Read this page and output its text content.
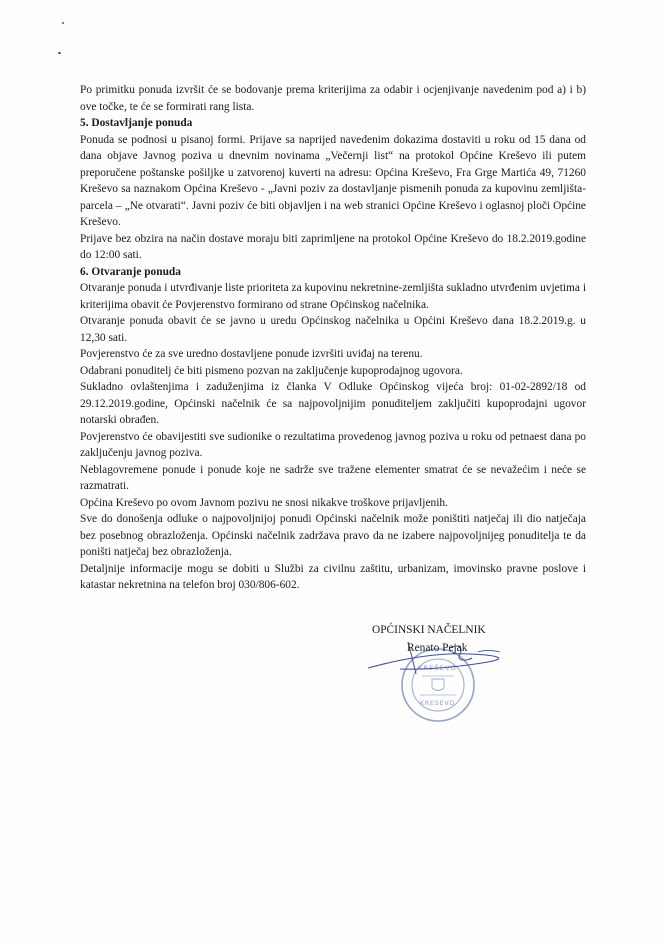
Po primitku ponuda izvršit će se bodovanje prema kriterijima za odabir i ocjenjivanje navedenim pod a) i b) ove točke, te će se formirati rang lista.

5. Dostavljanje ponuda

Ponuda se podnosi u pisanoj formi. Prijave sa naprijed navedenim dokazima dostaviti u roku od 15 dana od dana objave Javnog poziva u dnevnim novinama „Večernji list“ na protokol Općine Kreševo ili putem preporučene poštanske pošiljke u zatvorenoj kuverti na adresu: Općina Kreševo, Fra Grge Martića 49, 71260 Kreševo sa naznakom Općina Kreševo - „Javni poziv za dostavljanje pismenih ponuda za kupovinu zemljišta-parcela – „Ne otvarati“. Javni poziv će biti objavljen i na web stranici Općine Kreševo i oglasnoj ploči Općine Kreševo.

Prijave bez obzira na način dostave moraju biti zaprimljene na protokol Općine Kreševo do 18.2.2019.godine do 12:00 sati.

6. Otvaranje ponuda

Otvaranje ponuda i utvrđivanje liste prioriteta za kupovinu nekretnine-zemljišta sukladno utvrđenim uvjetima i kriterijima obavit će Povjerenstvo formirano od strane Općinskog načelnika.

Otvaranje ponuda obavit će se javno u uredu Općinskog načelnika u Općini Kreševo dana 18.2.2019.g. u 12,30 sati.

Povjerenstvo će za sve uredno dostavljene ponude izvršiti uviđaj na terenu.

Odabrani ponuditelj će biti pismeno pozvan na zaključenje kupoprodajnog ugovora.

Sukladno ovlaštenjima i zaduženjima iz članka V Odluke Općinskog vijeća broj: 01-02-2892/18 od 29.12.2019.godine, Općinski načelnik će sa najpovoljnijim ponuditeljem zaključiti kupoprodajni ugovor notarski obrađen.

Povjerenstvo će obavijestiti sve sudionike o rezultatima provedenog javnog poziva u roku od petnaest dana po zaključenju javnog poziva.

Neblagovremene ponude i ponude koje ne sadrže sve tražene elementer smatrat će se nevažećim i neće se razmatrati.

Općina Kreševo po ovom Javnom pozivu ne snosi nikakve troškove prijavljenih.

Sve do donošenja odluke o najpovoljnijoj ponudi Općinski načelnik može poništiti natječaj ili dio natječaja bez posebnog obrazloženja. Općinski načelnik zadržava pravo da ne izabere najpovoljnijeg ponuditelja te da poništi natječaj bez obrazloženja.

Detaljnije informacije mogu se dobiti u Službi za civilnu zaštitu, urbanizam, imovinsko pravne poslove i katastar nekretnina na telefon broj 030/806-602.

KREŠEVO
KREŠEVO
OPĆINSKI NAČELNIK
Renato Pejak
